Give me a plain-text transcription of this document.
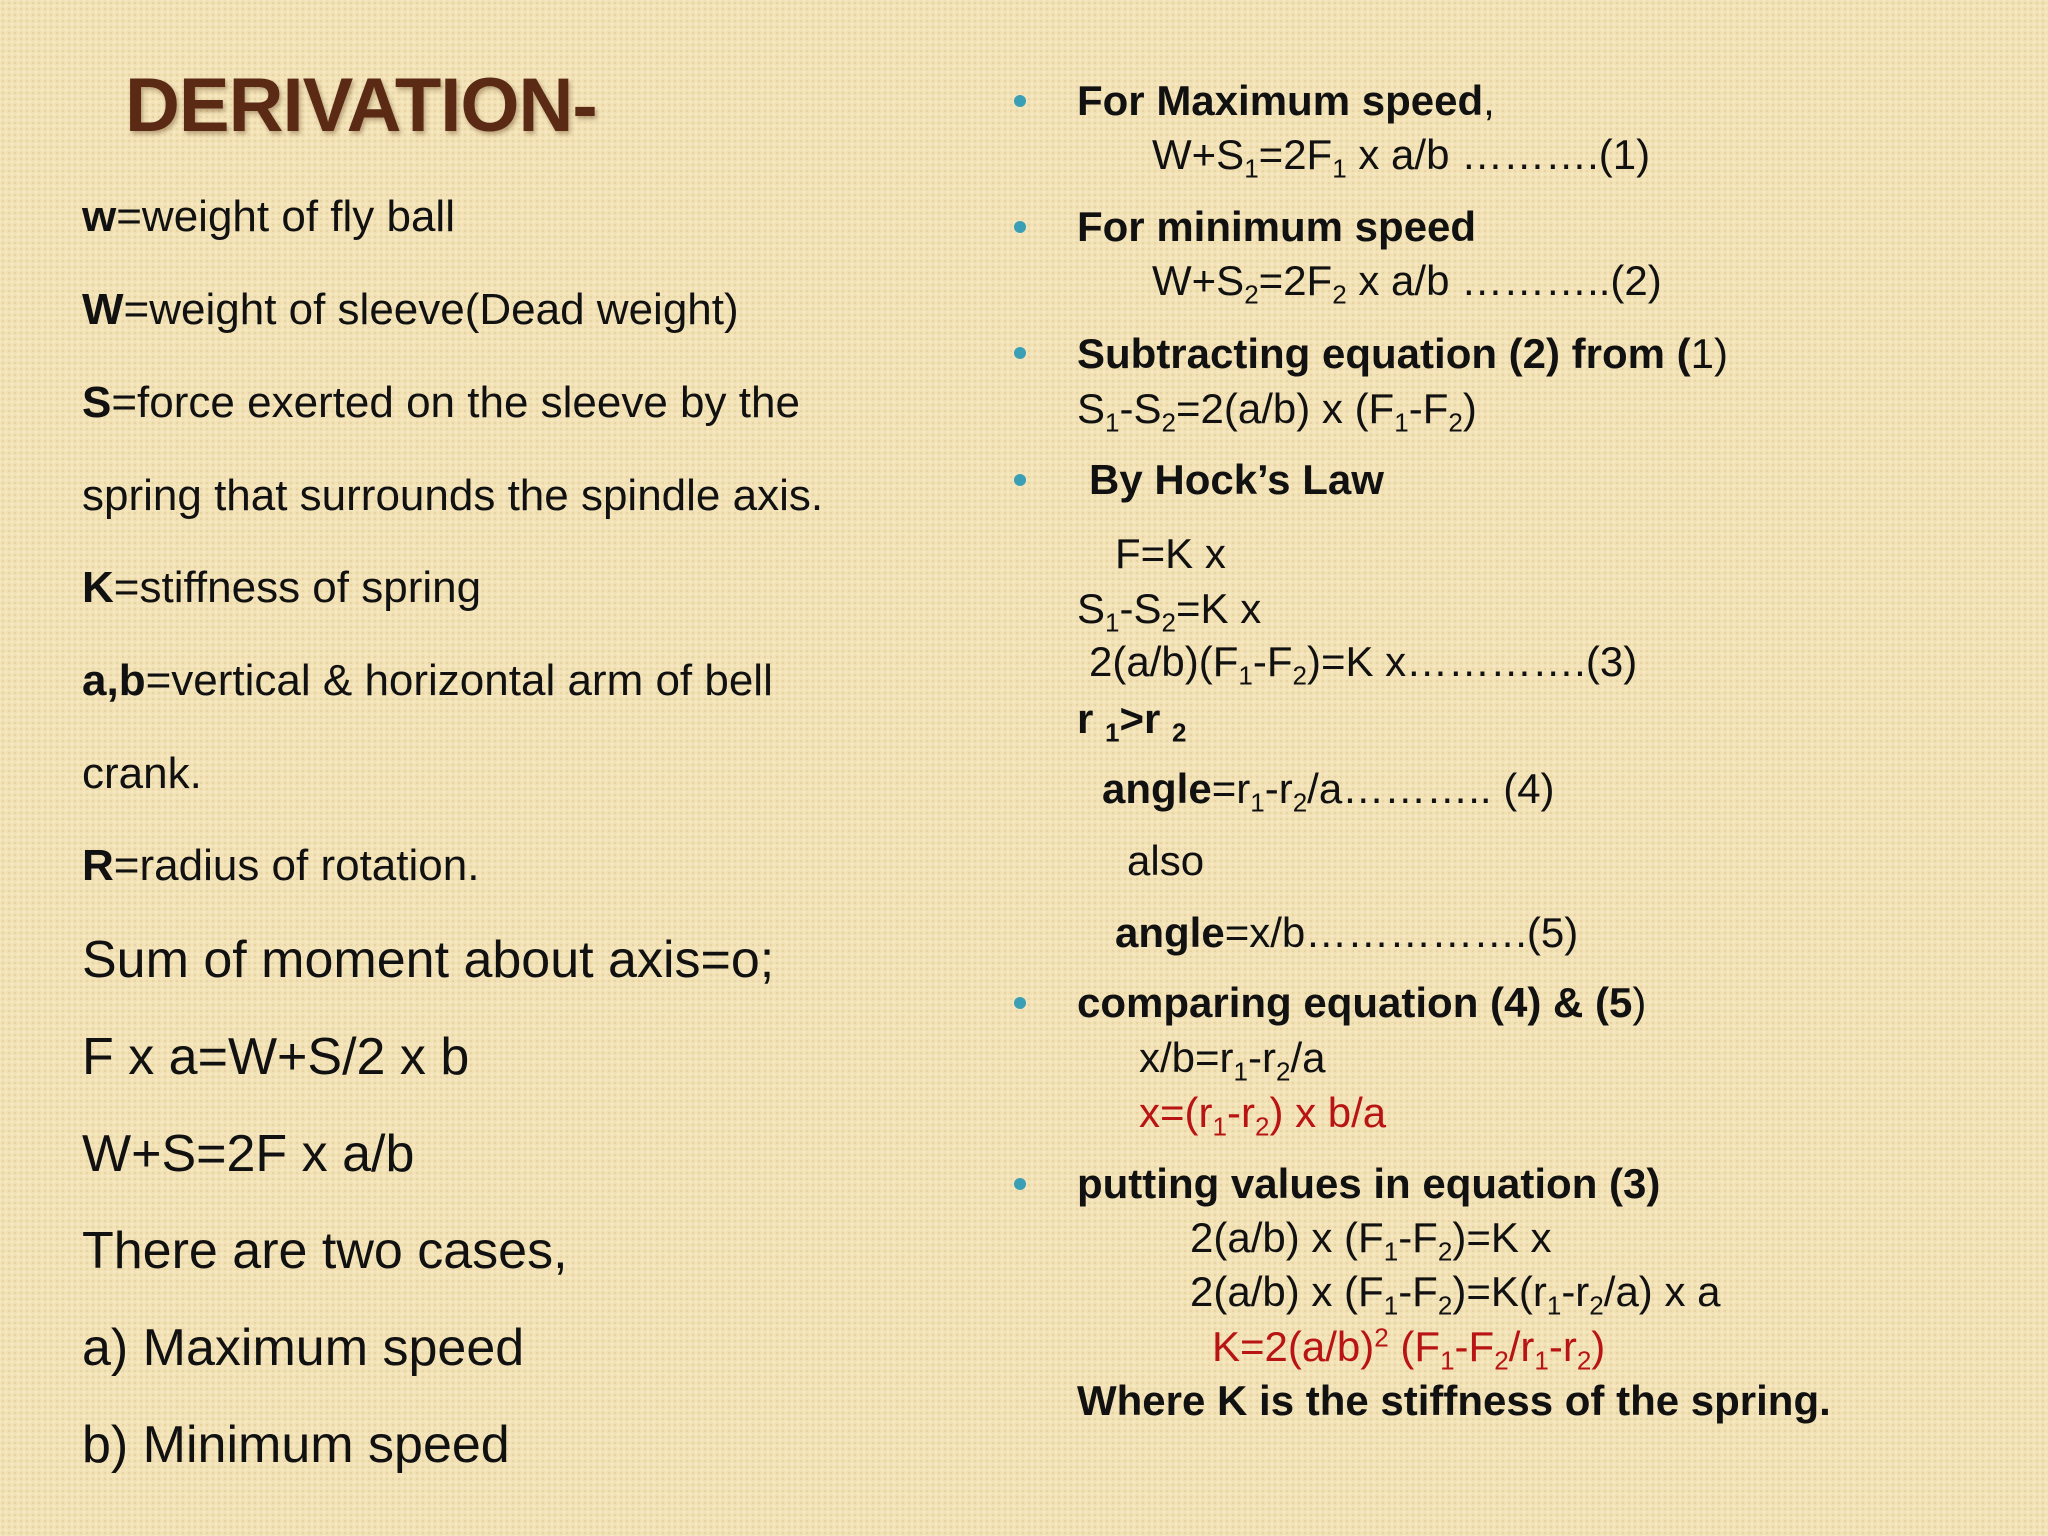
DERIVATION-
w=weight of fly ball
W=weight of sleeve(Dead weight)
S=force exerted on the sleeve by the
spring that surrounds the spindle axis.
K=stiffness of spring
a,b=vertical & horizontal arm of bell
crank.
R=radius of rotation.
Sum of moment about axis=o;
F x a=W+S/2 x b
W+S=2F x a/b
There are two cases,
a) Maximum speed
b) Minimum speed
For Maximum speed,
$W+S_1=2F_1$ x a/b ……….(1)
For minimum speed
$W+S_2=2F_2$ x a/b ………..(2)
Subtracting equation (2) from (1)
$S_1-S_2=2(a/b)$ x $(F_1-F_2)$
By Hock’s Law
F=K x
$S_1-S_2=K$ x
$2(a/b)(F_1-F_2)=K$ x………….(3)
r $_1$>r $_2$
$angle=r_1-r_2/a\dots\dots\dots$.. (4)
also
angle=x/b…………….(5)
comparing equation (4) & (5)
$x/b=r_1-r_2/a$
$x=(r_1-r_2)$ x b/a
putting values in equation (3)
2(a/b) x $(F_1-F_2)=K$ x
2(a/b) x $(F_1-F_2)=K(r_1-r_2/a)$ x a
$K=2(a/b)^2$ $(F_1-F_2/r_1-r_2)$
Where K is the stiffness of the spring.
